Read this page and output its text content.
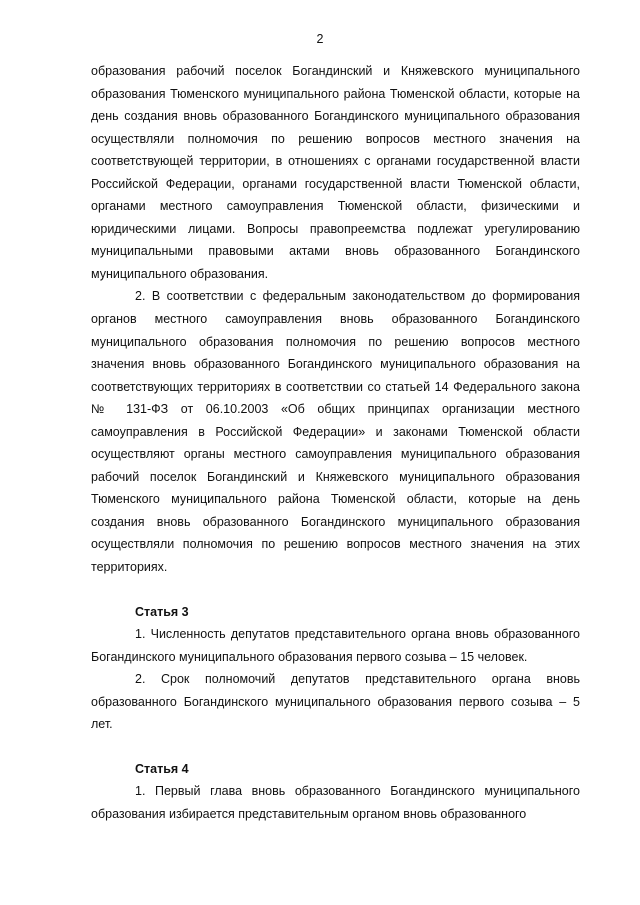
2

образования рабочий поселок Богандинский и Княжевского муниципального образования Тюменского муниципального района Тюменской области, которые на день создания вновь образованного Богандинского муниципального образования осуществляли полномочия по решению вопросов местного значения на соответствующей территории, в отношениях с органами государственной власти Российской Федерации, органами государственной власти Тюменской области, органами местного самоуправления Тюменской области, физическими и юридическими лицами. Вопросы правопреемства подлежат урегулированию муниципальными правовыми актами вновь образованного Богандинского муниципального образования.

2. В соответствии с федеральным законодательством до формирования органов местного самоуправления вновь образованного Богандинского муниципального образования полномочия по решению вопросов местного значения вновь образованного Богандинского муниципального образования на соответствующих территориях в соответствии со статьей 14 Федерального закона № 131-ФЗ от 06.10.2003 «Об общих принципах организации местного самоуправления в Российской Федерации» и законами Тюменской области осуществляют органы местного самоуправления муниципального образования рабочий поселок Богандинский и Княжевского муниципального образования Тюменского муниципального района Тюменской области, которые на день создания вновь образованного Богандинского муниципального образования осуществляли полномочия по решению вопросов местного значения на этих территориях.

Статья 3

1. Численность депутатов представительного органа вновь образованного Богандинского муниципального образования первого созыва – 15 человек.

2. Срок полномочий депутатов представительного органа вновь образованного Богандинского муниципального образования первого созыва – 5 лет.

Статья 4

1. Первый глава вновь образованного Богандинского муниципального образования избирается представительным органом вновь образованного
